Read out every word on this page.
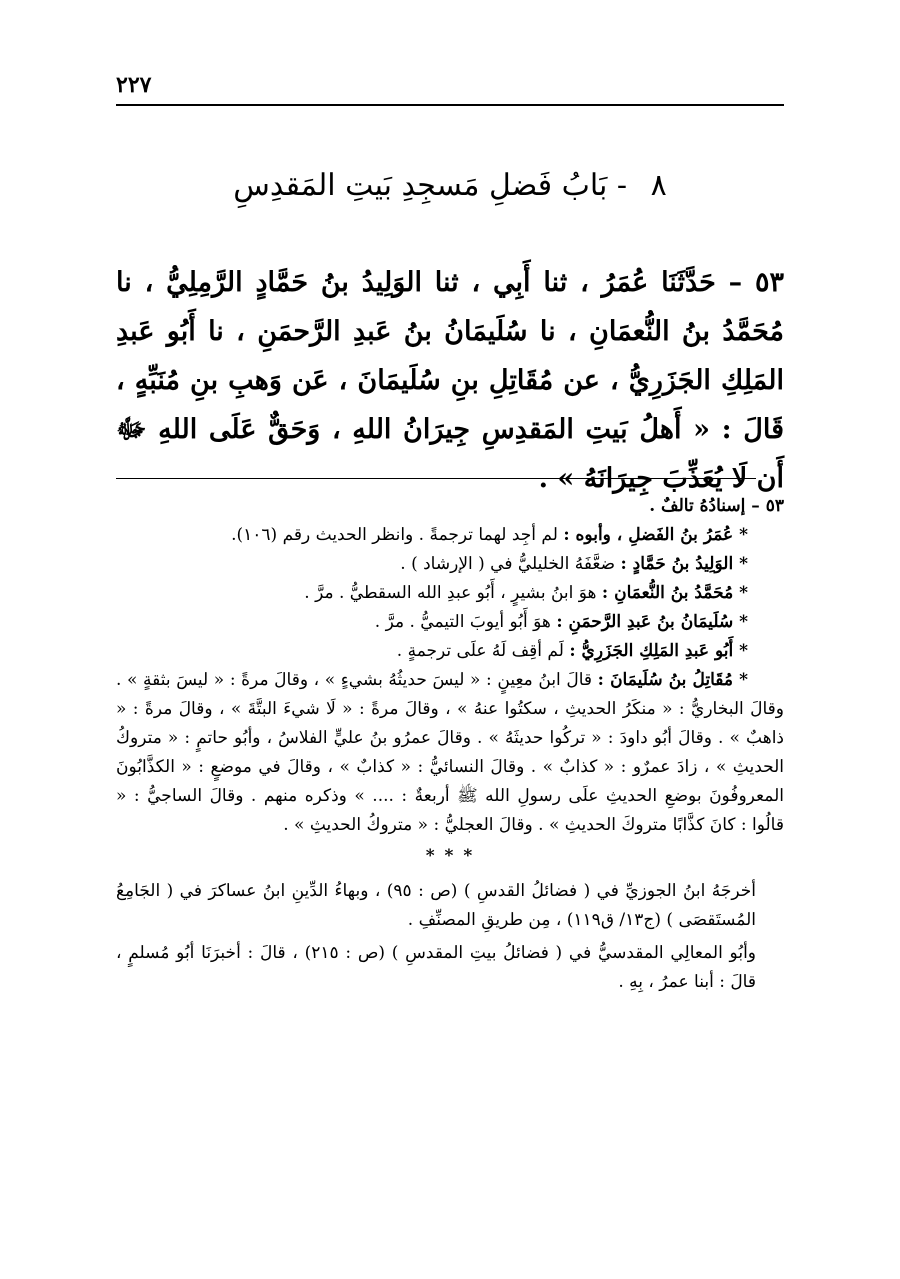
٢٢٧
٨ - بَابُ فَضلِ مَسجِدِ بَيتِ المَقدِسِ
٥٣ – حَدَّثَنَا عُمَرُ ، ثنا أَبِي ، ثنا الوَلِيدُ بنُ حَمَّادٍ الرَّمِلِيُّ ، نا مُحَمَّدُ بنُ النُّعمَانِ ، نا سُلَيمَانُ بنُ عَبدِ الرَّحمَنِ ، نا أَبُو عَبدِ المَلِكِ الجَزَرِيُّ ، عن مُقَاتِلِ بنِ سُلَيمَانَ ، عَن وَهبِ بنِ مُنَبِّهٍ ، قَالَ : « أَهلُ بَيتِ المَقدِسِ جِيرَانُ اللهِ ، وَحَقٌّ عَلَى اللهِ ﷻ أَن لَا يُعَذِّبَ جِيرَانَهُ » .

٥٣ – إسنادُهُ تالفٌ .

* عُمَرُ بنُ الفَضلِ ، وأبوه : لم أجِد لهما ترجمةً . وانظر الحديث رقم (١٠٦).

* الوَلِيدُ بنُ حَمَّادٍ : ضعَّفَهُ الخليليُّ في ( الإرشاد ) .

* مُحَمَّدُ بنُ النُّعمَانِ : هوَ ابنُ بشيرٍ ، أَبُو عبدِ الله السقطيُّ . مرَّ .

* سُلَيمَانُ بنُ عَبدِ الرَّحمَنِ : هوَ أَبُو أيوبَ التيميُّ . مرَّ .

* أَبُو عَبدِ المَلِكِ الجَزَرِيُّ : لَم أقِف لَهُ علَى ترجمةٍ .

* مُقَاتِلُ بنُ سُلَيمَانَ : قالَ ابنُ معِينٍ : « ليسَ حديثُهُ بشيءٍ » ، وقالَ مرةً : « ليسَ بثقةٍ » . وقالَ البخاريُّ : « منكَرُ الحديثِ ، سكتُوا عنهُ » ، وقالَ مرةً : « لَا شيءَ البتَّةَ » ، وقالَ مرةً : « ذاهبٌ » . وقالَ أبُو داودَ : « تركُوا حديثَهُ » . وقالَ عمرُو بنُ عليٍّ الفلاسُ ، وأبُو حاتمٍ : « متروكُ الحديثِ » ، زادَ عمرٌو : « كذابٌ » . وقالَ النسائيُّ : « كذابٌ » ، وقالَ في موضعٍ : « الكذَّابُونَ المعروفُونَ بوضعِ الحديثِ علَى رسولِ الله ﷺ أربعةٌ : .... » وذكره منهم . وقالَ الساجيُّ : « قالُوا : كانَ كذَّابًا متروكَ الحديثِ » . وقالَ العجليُّ : « متروكُ الحديثِ » .

* * *

أخرجَهُ ابنُ الجوزيِّ في ( فضائلُ القدسِ ) (ص : ٩٥) ، وبهاءُ الدِّينِ ابنُ عساكرَ في ( الجَامِعُ المُستَقصَى ) (ج١٣/ ق١١٩) ، مِن طريقِ المصنِّفِ .

وأبُو المعالِي المقدسيُّ في ( فضائلُ بيتِ المقدسِ ) (ص : ٢١٥) ، قالَ : أخبرَنَا أبُو مُسلمٍ ، قالَ : أبنا عمرُ ، بِهِ .
